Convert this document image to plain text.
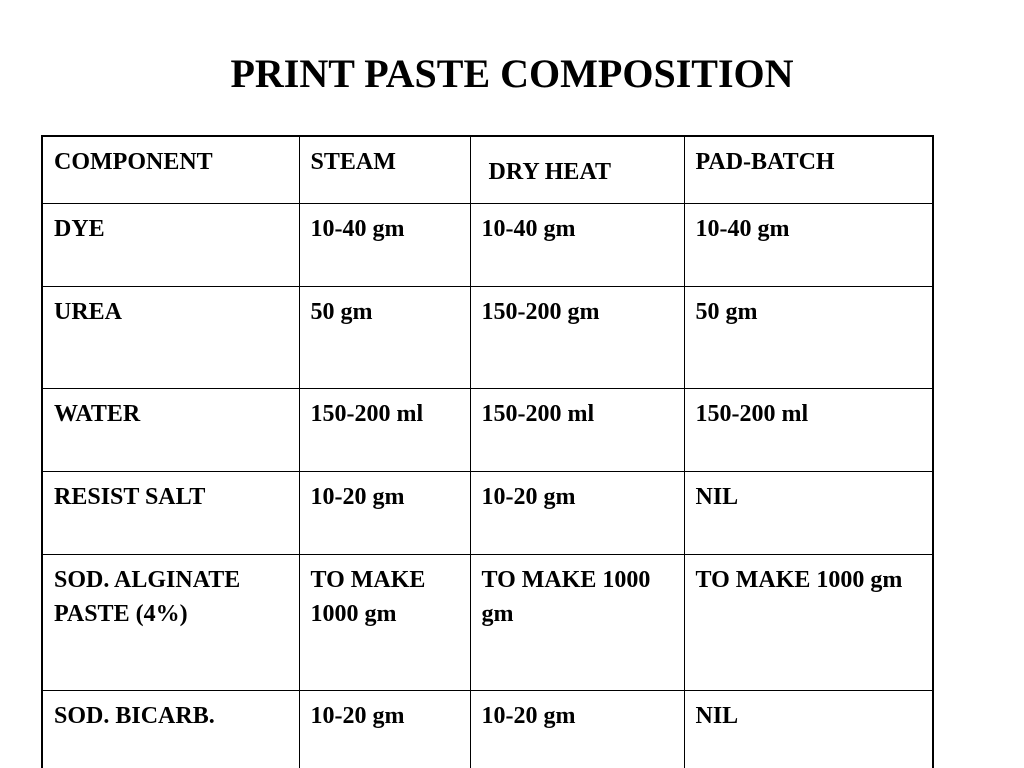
PRINT PASTE COMPOSITION
COMPONENT	STEAM	DRY HEAT	PAD-BATCH
DYE	10-40 gm	10-40 gm	10-40 gm
UREA	50 gm	150-200 gm	50 gm
WATER	150-200 ml	150-200 ml	150-200 ml
RESIST SALT	10-20 gm	10-20 gm	NIL
SOD. ALGINATE PASTE (4%)	TO MAKE 1000 gm	TO MAKE 1000 gm	TO MAKE 1000 gm
SOD. BICARB.	10-20 gm	10-20 gm	NIL
